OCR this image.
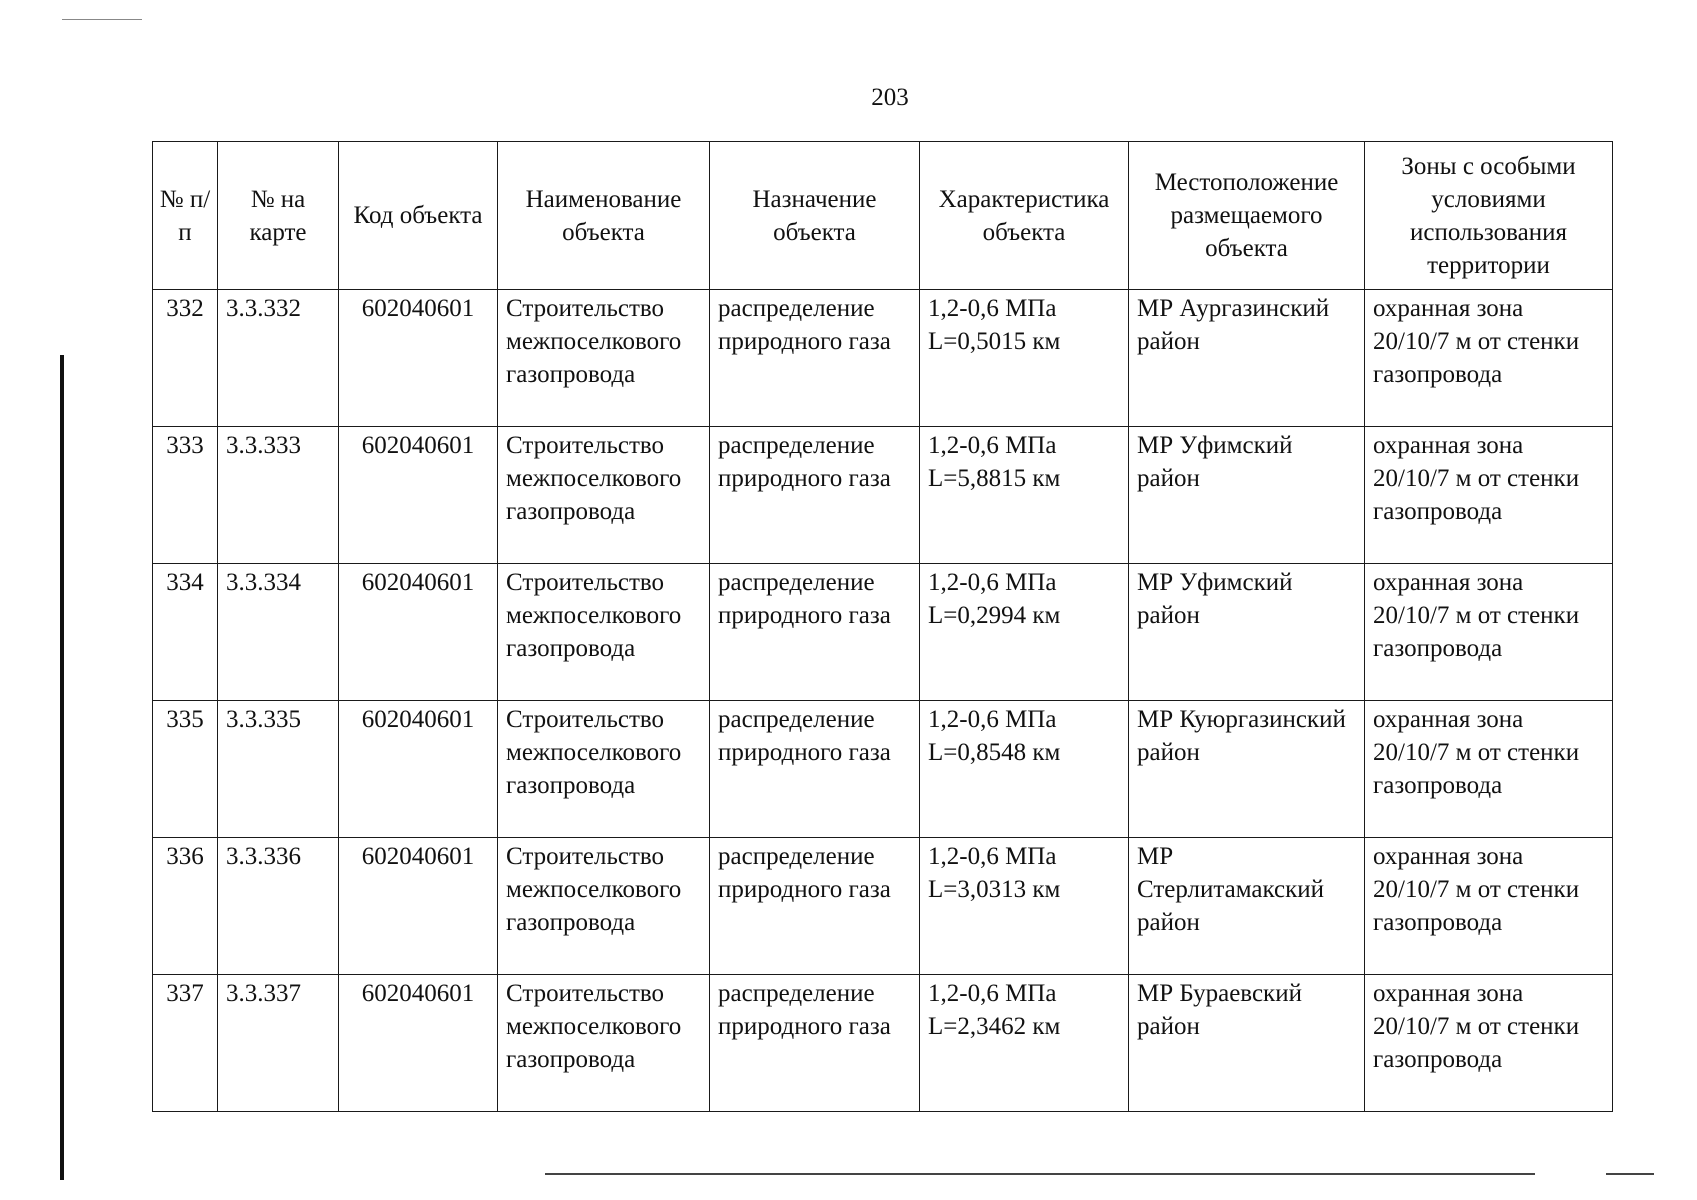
203
№ п/п	№ на карте	Код объекта	Наименование объекта	Назначение объекта	Характеристика объекта	Местоположение размещаемого объекта	Зоны с особыми условиями использования территории
332	3.3.332	602040601	Строительство межпоселкового газопровода	распределение природного газа	1,2-0,6 МПа L=0,5015 км	МР Аургазинский район	охранная зона 20/10/7 м от стенки газопровода
333	3.3.333	602040601	Строительство межпоселкового газопровода	распределение природного газа	1,2-0,6 МПа L=5,8815 км	МР Уфимский район	охранная зона 20/10/7 м от стенки газопровода
334	3.3.334	602040601	Строительство межпоселкового газопровода	распределение природного газа	1,2-0,6 МПа L=0,2994 км	МР Уфимский район	охранная зона 20/10/7 м от стенки газопровода
335	3.3.335	602040601	Строительство межпоселкового газопровода	распределение природного газа	1,2-0,6 МПа L=0,8548 км	МР Куюргазинский район	охранная зона 20/10/7 м от стенки газопровода
336	3.3.336	602040601	Строительство межпоселкового газопровода	распределение природного газа	1,2-0,6 МПа L=3,0313 км	МР Стерлитамакский район	охранная зона 20/10/7 м от стенки газопровода
337	3.3.337	602040601	Строительство межпоселкового газопровода	распределение природного газа	1,2-0,6 МПа L=2,3462 км	МР Бураевский район	охранная зона 20/10/7 м от стенки газопровода
